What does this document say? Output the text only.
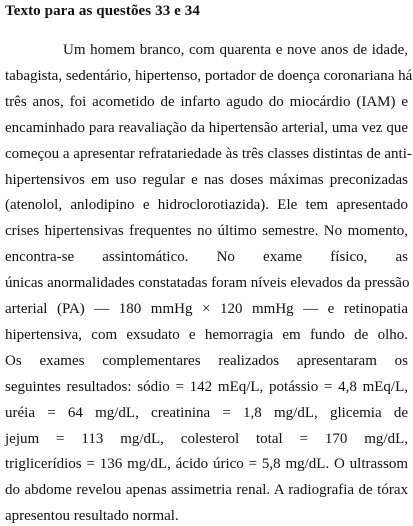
Texto para as questões 33 e 34
Um homem branco, com quarenta e nove anos de idade,
tabagista, sedentário, hipertenso, portador de doença coronariana há
três anos, foi acometido de infarto agudo do miocárdio (IAM) e
encaminhado para reavaliação da hipertensão arterial, uma vez que
começou a apresentar refratariedade às três classes distintas de anti-
hipertensivos em uso regular e nas doses máximas preconizadas
(atenolol, anlodipino e hidroclorotiazida). Ele tem apresentado
crises hipertensivas frequentes no último semestre. No momento,
encontra-se assintomático. No exame físico, as
únicas anormalidades constatadas foram níveis elevados da pressão
arterial (PA) — 180 mmHg × 120 mmHg — e retinopatia
hipertensiva, com exsudato e hemorragia em fundo de olho.
Os exames complementares realizados apresentaram os
seguintes resultados: sódio = 142 mEq/L, potássio = 4,8 mEq/L,
uréia = 64 mg/dL, creatinina = 1,8 mg/dL, glicemia de
jejum = 113 mg/dL, colesterol total = 170 mg/dL,
triglicerídios = 136 mg/dL, ácido úrico = 5,8 mg/dL. O ultrassom
do abdome revelou apenas assimetria renal. A radiografia de tórax
apresentou resultado normal.
